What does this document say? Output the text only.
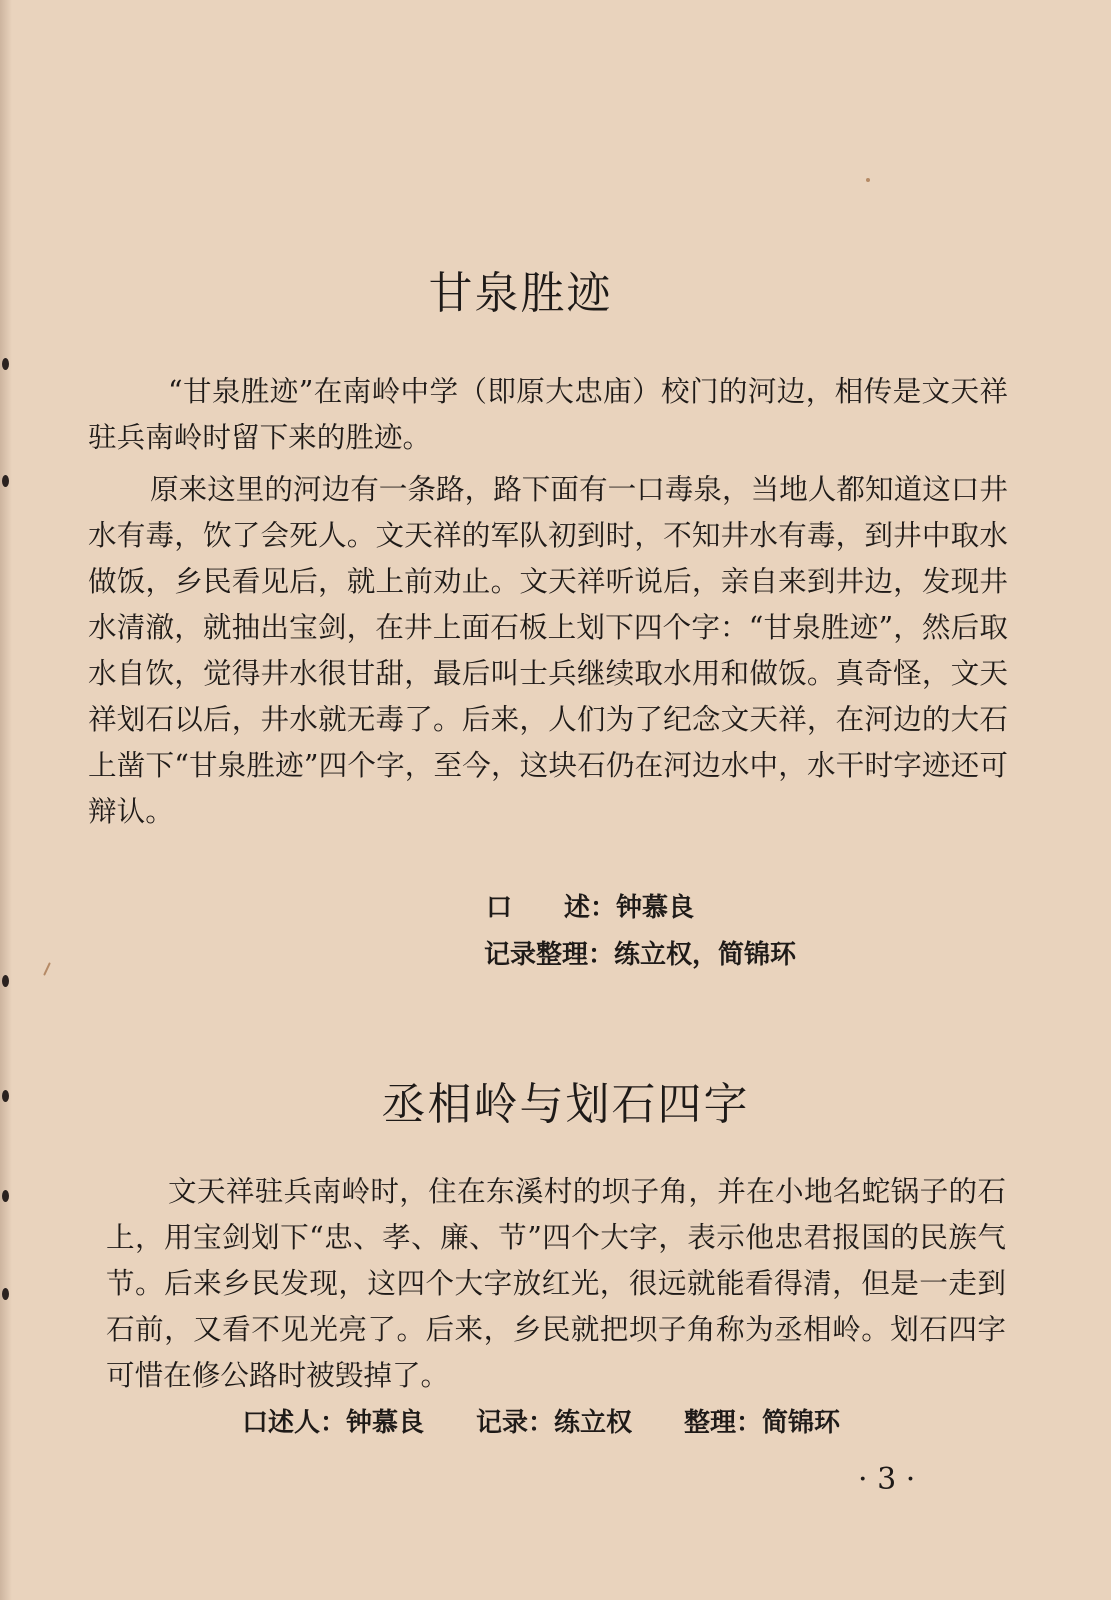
甘泉胜迹

“甘泉胜迹”在南岭中学（即原大忠庙）校门的河边，相传是文天祥驻兵南岭时留下来的胜迹。

原来这里的河边有一条路，路下面有一口毒泉，当地人都知道这口井水有毒，饮了会死人。文天祥的军队初到时，不知井水有毒，到井中取水做饭，乡民看见后，就上前劝止。文天祥听说后，亲自来到井边，发现井水清澈，就抽出宝剑，在井上面石板上划下四个字：“甘泉胜迹”，然后取水自饮，觉得井水很甘甜，最后叫士兵继续取水用和做饭。真奇怪，文天祥划石以后，井水就无毒了。后来，人们为了纪念文天祥，在河边的大石上凿下“甘泉胜迹”四个字，至今，这块石仍在河边水中，水干时字迹还可辩认。

口　　述：钟慕良
记录整理：练立权，简锦环
丞相岭与划石四字

文天祥驻兵南岭时，住在东溪村的坝子角，并在小地名蛇锅子的石上，用宝剑划下“忠、孝、廉、节”四个大字，表示他忠君报国的民族气节。后来乡民发现，这四个大字放红光，很远就能看得清，但是一走到石前，又看不见光亮了。后来，乡民就把坝子角称为丞相岭。划石四字可惜在修公路时被毁掉了。

口述人：钟慕良　　记录：练立权　　整理：简锦环
· 3 ·
